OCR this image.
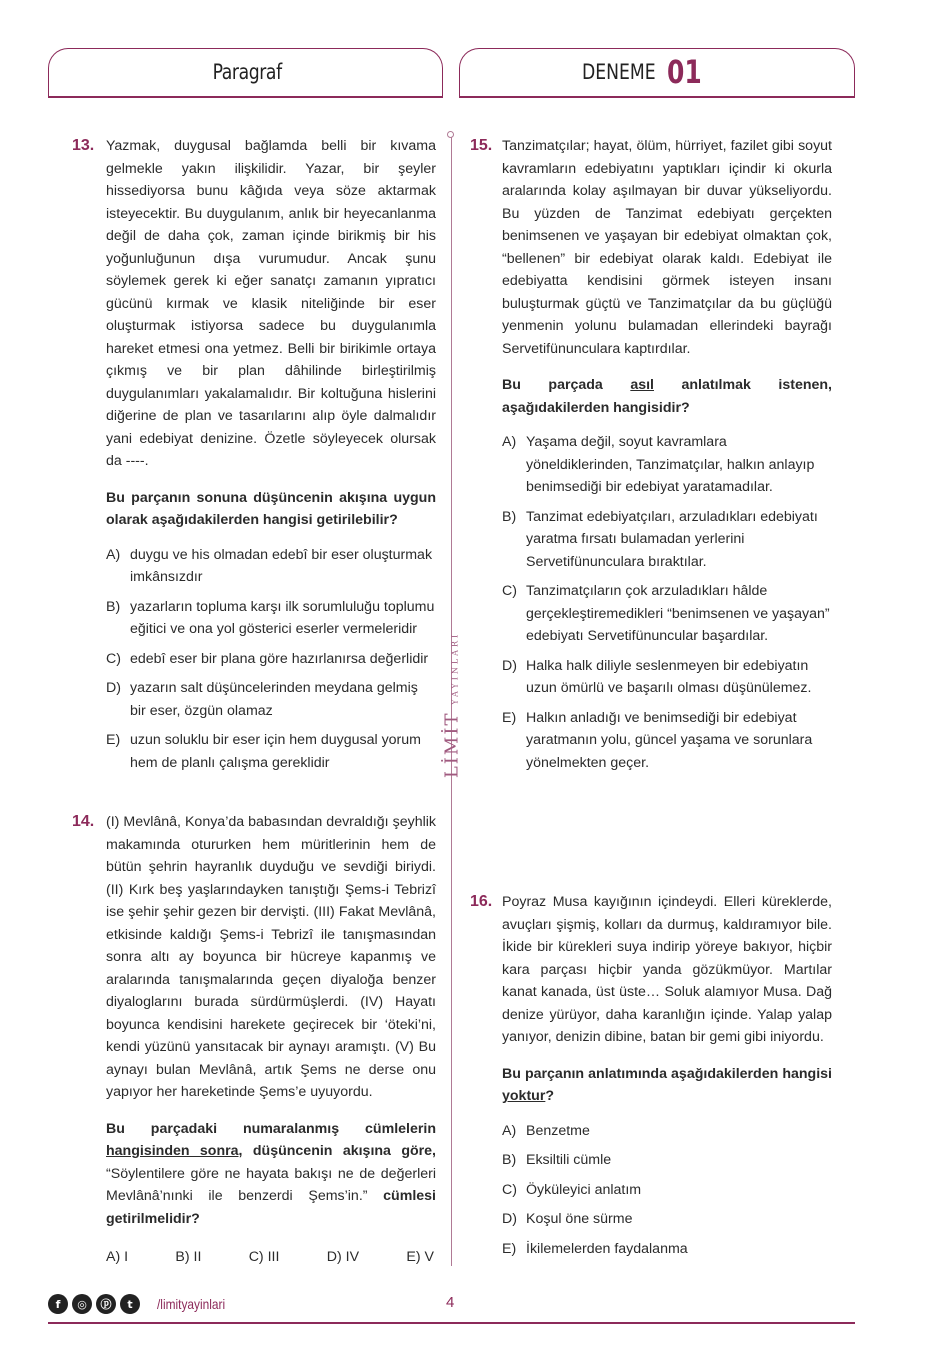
Paragraf	DENEME 01
LİMİT YAYINLARI
13. Yazmak, duygusal bağlamda belli bir kıvama gelmekle yakın ilişkilidir. Yazar, bir şeyler hissediyorsa bunu kâğıda veya söze aktarmak isteyecektir. Bu duygulanım, anlık bir heyecanlanma değil de daha çok, zaman içinde birikmiş bir his yoğunluğunun dışa vurumudur. Ancak şunu söylemek gerek ki eğer sanatçı zamanın yıpratıcı gücünü kırmak ve klasik niteliğinde bir eser oluşturmak istiyorsa sadece bu duygulanımla hareket etmesi ona yetmez. Belli bir birikimle ortaya çıkmış ve bir plan dâhilinde birleştirilmiş duygulanımları yakalamalıdır. Bir koltuğuna hislerini diğerine de plan ve tasarılarını alıp öyle dalmalıdır yani edebiyat denizine. Özetle söyleyecek olursak da ----.
Bu parçanın sonuna düşüncenin akışına uygun olarak aşağıdakilerden hangisi getirilebilir?
A) duygu ve his olmadan edebî bir eser oluşturmak imkânsızdır
B) yazarların topluma karşı ilk sorumluluğu toplumu eğitici ve ona yol gösterici eserler vermeleridir
C) edebî eser bir plana göre hazırlanırsa değerlidir
D) yazarın salt düşüncelerinden meydana gelmiş bir eser, özgün olamaz
E) uzun soluklu bir eser için hem duygusal yorum hem de planlı çalışma gereklidir
14. (I) Mevlânâ, Konya’da babasından devraldığı şeyhlik makamında otururken hem müritlerinin hem de bütün şehrin hayranlık duyduğu ve sevdiği biriydi. (II) Kırk beş yaşlarındayken tanıştığı Şems-i Tebrizî ise şehir şehir gezen bir dervişti. (III) Fakat Mevlânâ, etkisinde kaldığı Şems-i Tebrizî ile tanışmasından sonra altı ay boyunca bir hücreye kapanmış ve aralarında tanışmalarında geçen diyaloğa benzer diyaloglarını burada sürdürmüşlerdi. (IV) Hayatı boyunca kendisini harekete geçirecek bir ‘öteki’ni, kendi yüzünü yansıtacak bir aynayı aramıştı. (V) Bu aynayı bulan Mevlânâ, artık Şems ne derse onu yapıyor her hareketinde Şems’e uyuyordu.
Bu parçadaki numaralanmış cümlelerin hangisinden sonra, düşüncenin akışına göre, “Söylentilere göre ne hayata bakışı ne de değerleri Mevlânâ’nınki ile benzerdi Şems’in.” cümlesi getirilmelidir?
A) I	B) II	C) III	D) IV	E) V
15. Tanzimatçılar; hayat, ölüm, hürriyet, fazilet gibi soyut kavramların edebiyatını yaptıkları içindir ki okurla aralarında kolay aşılmayan bir duvar yükseliyordu. Bu yüzden de Tanzimat edebiyatı gerçekten benimsenen ve yaşayan bir edebiyat olmaktan çok, “bellenen” bir edebiyat olarak kaldı. Edebiyat ile edebiyatta kendisini görmek isteyen insanı buluşturmak güçtü ve Tanzimatçılar da bu güçlüğü yenmenin yolunu bulamadan ellerindeki bayrağı Servetifünunculara kaptırdılar.
Bu parçada asıl anlatılmak istenen, aşağıdakilerden hangisidir?
A) Yaşama değil, soyut kavramlara yöneldiklerinden, Tanzimatçılar, halkın anlayıp benimsediği bir edebiyat yaratamadılar.
B) Tanzimat edebiyatçıları, arzuladıkları edebiyatı yaratma fırsatı bulamadan yerlerini Servetifünunculara bıraktılar.
C) Tanzimatçıların çok arzuladıkları hâlde gerçekleştiremedikleri “benimsenen ve yaşayan” edebiyatı Servetifünuncular başardılar.
D) Halka halk diliyle seslenmeyen bir edebiyatın uzun ömürlü ve başarılı olması düşünülemez.
E) Halkın anladığı ve benimsediği bir edebiyat yaratmanın yolu, güncel yaşama ve sorunlara yönelmekten geçer.
16. Poyraz Musa kayığının içindeydi. Elleri küreklerde, avuçları şişmiş, kolları da durmuş, kaldıramıyor bile. İkide bir kürekleri suya indirip yöreye bakıyor, hiçbir kara parçası hiçbir yanda gözükmüyor. Martılar kanat kanada, üst üste… Soluk alamıyor Musa. Dağ denize yürüyor, daha karanlığın içinde. Yalap yalap yanıyor, denizin dibine, batan bir gemi gibi iniyordu.
Bu parçanın anlatımında aşağıdakilerden hangisi yoktur?
A) Benzetme
B) Eksiltili cümle
C) Öyküleyici anlatım
D) Koşul öne sürme
E) İkilemelerden faydalanma
f	◎	ⓟ	t	/limityayinlari	4
